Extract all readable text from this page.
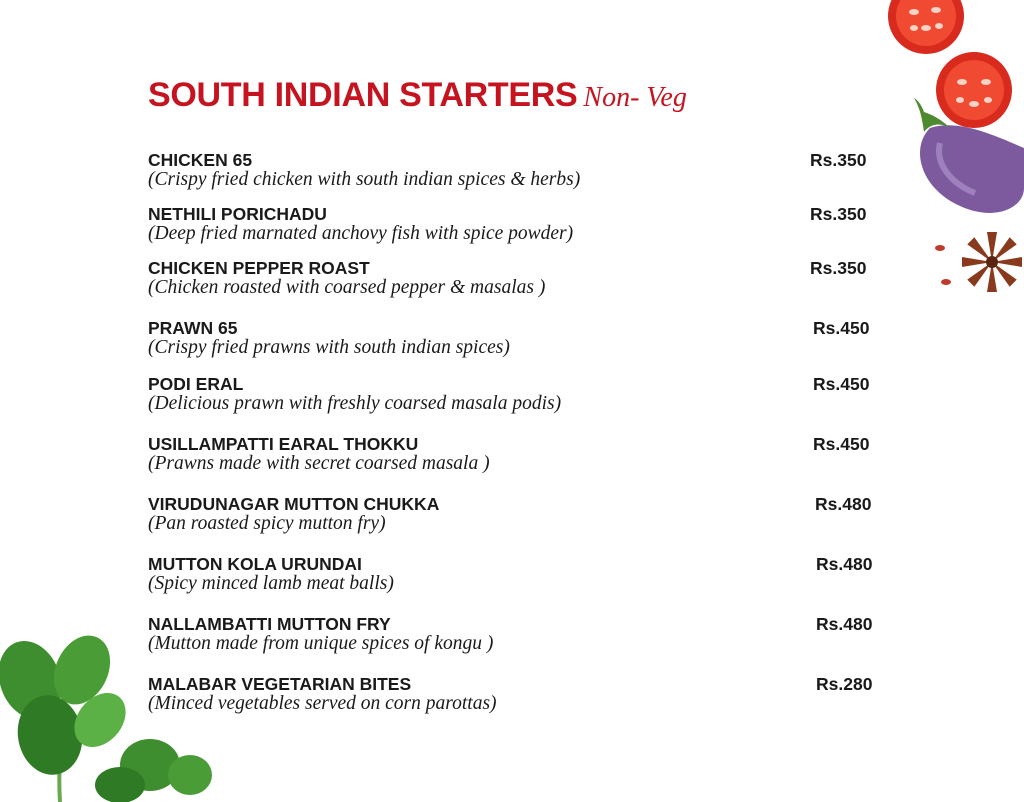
SOUTH INDIAN STARTERS Non- Veg
CHICKEN 65
(Crispy fried chicken with south indian spices & herbs)
Rs.350
NETHILI PORICHADU
(Deep fried marnated anchovy fish with spice powder)
Rs.350
CHICKEN PEPPER ROAST
(Chicken roasted with coarsed pepper & masalas )
Rs.350
PRAWN 65
(Crispy fried prawns with south indian spices)
Rs.450
PODI ERAL
(Delicious prawn with freshly coarsed masala podis)
Rs.450
USILLAMPATTI EARAL THOKKU
(Prawns made with secret coarsed masala )
Rs.450
VIRUDUNAGAR MUTTON CHUKKA
(Pan roasted spicy mutton fry)
Rs.480
MUTTON KOLA URUNDAI
(Spicy minced lamb meat balls)
Rs.480
NALLAMBATTI MUTTON FRY
(Mutton made from unique spices of kongu )
Rs.480
MALABAR VEGETARIAN BITES
(Minced vegetables served on corn parottas)
Rs.280
